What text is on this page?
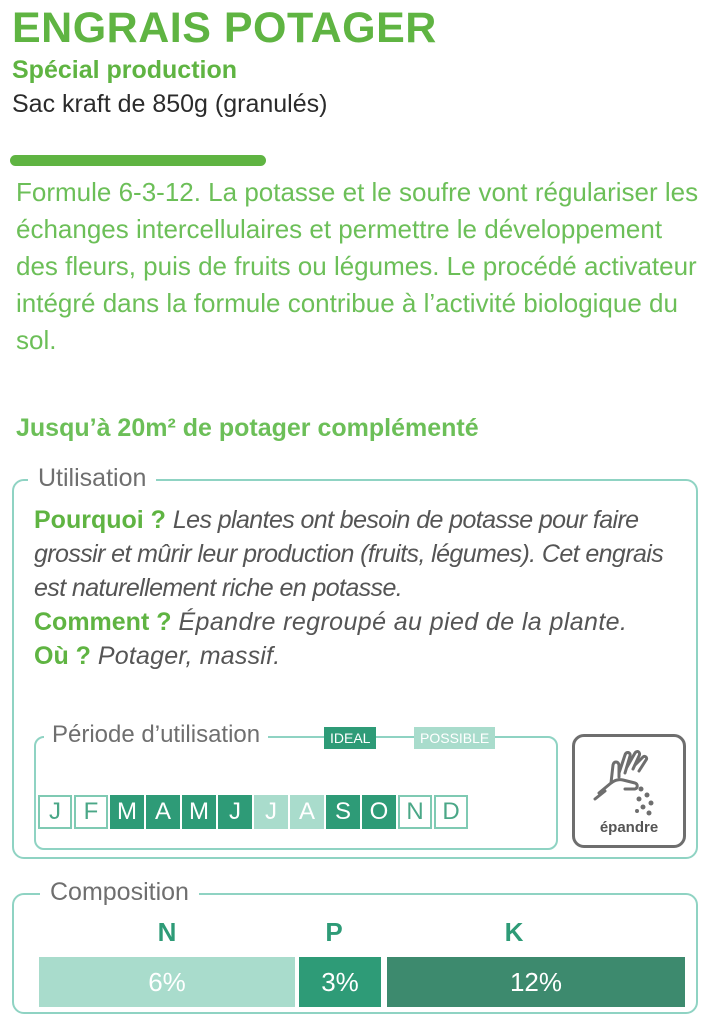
ENGRAIS POTAGER
Spécial production
Sac kraft de 850g (granulés)
Formule 6-3-12. La potasse et le soufre vont régulariser les échanges intercellulaires et permettre le développement des fleurs, puis de fruits ou légumes. Le procédé activateur intégré dans la formule contribue à l’activité biologique du sol.
Jusqu’à 20m² de potager complémenté
Utilisation
Pourquoi ? Les plantes ont besoin de potasse pour faire grossir et mûrir leur production (fruits, légumes). Cet engrais est naturellement riche en potasse.
Comment ? Épandre regroupé au pied de la plante.
Où ? Potager, massif.
Période d’utilisation	IDEAL	POSSIBLE
J F M A M J	J A S O N D
épandre
Composition
N	P	K
6%	3%	12%
